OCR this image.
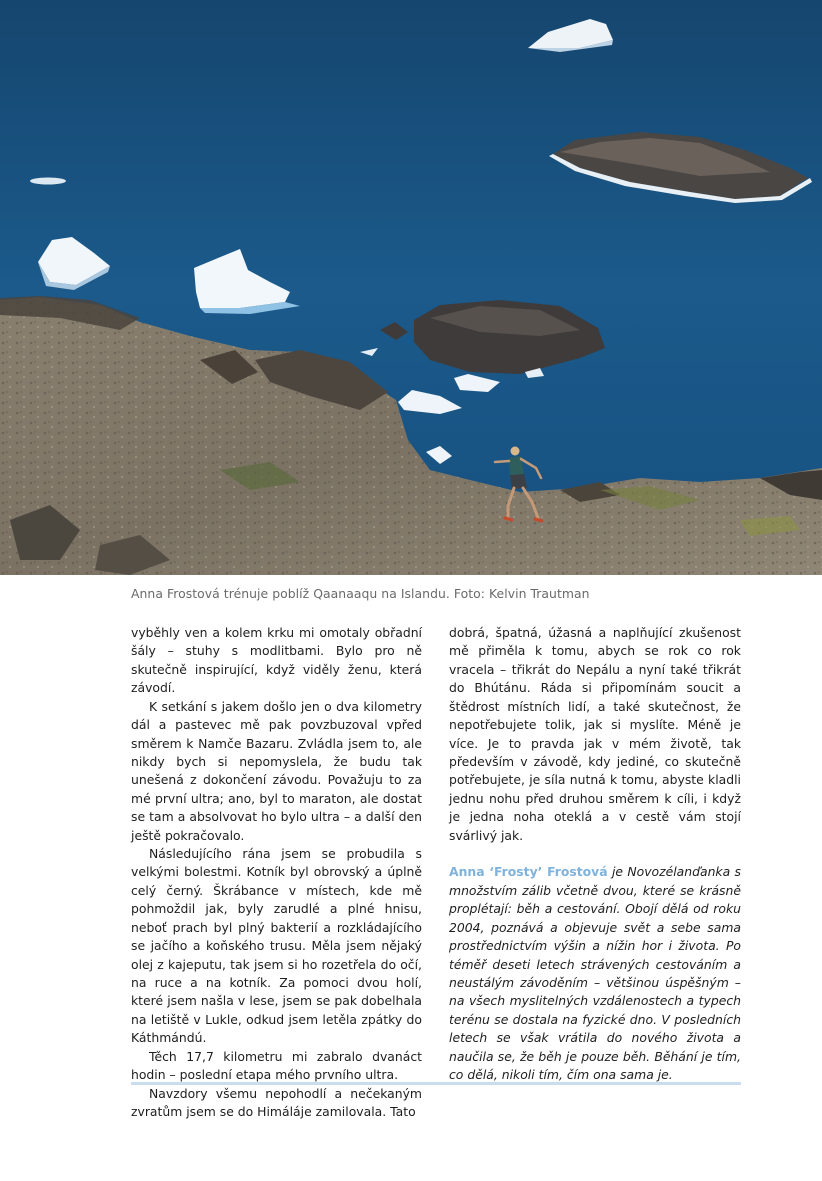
Anna Frostová trénuje poblíž Qaanaaqu na Islandu. Foto: Kelvin Trautman

vyběhly ven a kolem krku mi omotaly obřadní šály – stuhy s modlitbami. Bylo pro ně skutečně inspirující, když viděly ženu, která závodí.

K setkání s jakem došlo jen o dva kilometry dál a pastevec mě pak povzbuzoval vpřed směrem k Namče Bazaru. Zvládla jsem to, ale nikdy bych si nepomyslela, že budu tak unešená z dokončení závodu. Považuju to za mé první ultra; ano, byl to maraton, ale dostat se tam a absolvovat ho bylo ultra – a další den ještě pokračovalo.

Následujícího rána jsem se probudila s velkými bolestmi. Kotník byl obrovský a úplně celý černý. Škrábance v místech, kde mě pohmoždil jak, byly zarudlé a plné hnisu, neboť prach byl plný bakterií a rozkládajícího se jačího a koňského trusu. Měla jsem nějaký olej z kajeputu, tak jsem si ho rozetřela do očí, na ruce a na kotník. Za pomoci dvou holí, které jsem našla v lese, jsem se pak dobelhala na letiště v Lukle, odkud jsem letěla zpátky do Káthmándú.

Těch 17,7 kilometru mi zabralo dvanáct hodin – poslední etapa mého prvního ultra.

Navzdory všemu nepohodlí a nečekaným zvratům jsem se do Himáláje zamilovala. Tato

dobrá, špatná, úžasná a naplňující zkušenost mě přiměla k tomu, abych se rok co rok vracela – třikrát do Nepálu a nyní také třikrát do Bhútánu. Ráda si připomínám soucit a štědrost místních lidí, a také skutečnost, že nepotřebujete tolik, jak si myslíte. Méně je více. Je to pravda jak v mém životě, tak především v závodě, kdy jediné, co skutečně potřebujete, je síla nutná k tomu, abyste kladli jednu nohu před druhou směrem k cíli, i když je jedna noha oteklá a v cestě vám stojí svárlivý jak.

Anna ‘Frosty’ Frostová je Novozélanďanka s množstvím zálib včetně dvou, které se krásně proplétají: běh a cestování. Obojí dělá od roku 2004, poznává a objevuje svět a sebe sama prostřednictvím výšin a nížin hor i života. Po téměř deseti letech strávených cestováním a neustálým závoděním – většinou úspěšným – na všech myslitelných vzdálenostech a typech terénu se dostala na fyzické dno. V posledních letech se však vrátila do nového života a naučila se, že běh je pouze běh. Běhání je tím, co dělá, nikoli tím, čím ona sama je.
